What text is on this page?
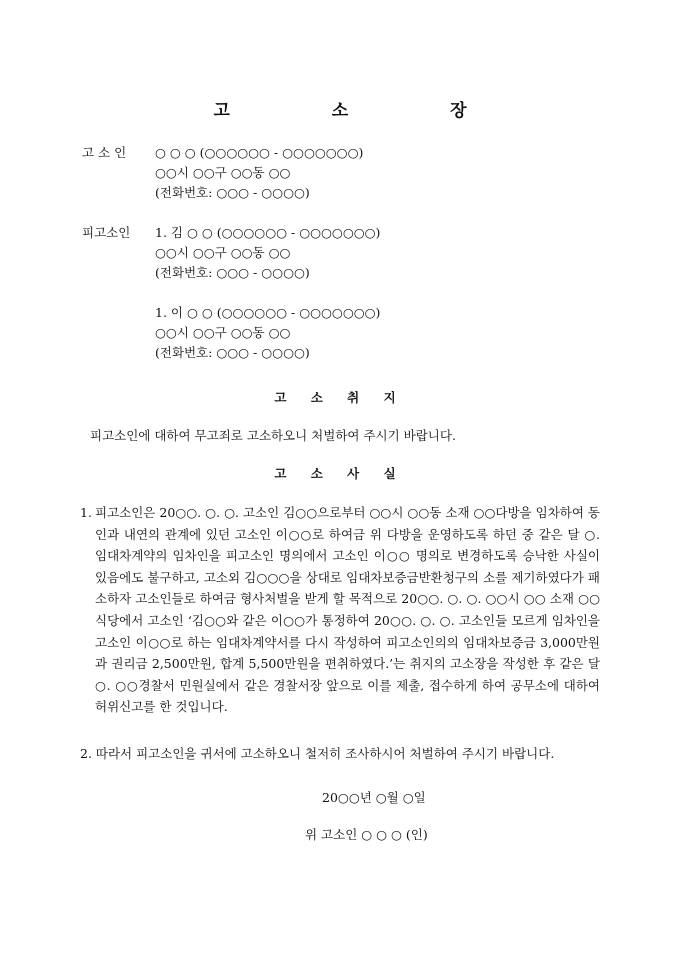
고 소 장
고 소 인	○ ○ ○ (○○○○○○ - ○○○○○○○)
○○시 ○○구 ○○동 ○○
(전화번호: ○○○ - ○○○○)
피고소인	1. 김 ○ ○ (○○○○○○ - ○○○○○○○)
○○시 ○○구 ○○동 ○○
(전화번호: ○○○ - ○○○○)
1. 이 ○ ○ (○○○○○○ - ○○○○○○○)
○○시 ○○구 ○○동 ○○
(전화번호: ○○○ - ○○○○)
고 소 취 지
피고소인에 대하여 무고죄로 고소하오니 처벌하여 주시기 바랍니다.
고 소 사 실
1. 피고소인은 20○○. ○. ○. 고소인 김○○으로부터 ○○시 ○○동 소재 ○○다방을 임차하여 동인과 내연의 관계에 있던 고소인 이○○로 하여금 위 다방을 운영하도록 하던 중 같은 달 ○. 임대차계약의 임차인을 피고소인 명의에서 고소인 이○○ 명의로 변경하도록 승낙한 사실이 있음에도 불구하고, 고소외 김○○○을 상대로 임대차보증금반환청구의 소를 제기하였다가 패소하자 고소인들로 하여금 형사처벌을 받게 할 목적으로 20○○. ○. ○. ○○시 ○○ 소재 ○○식당에서 고소인 ‘김○○와 같은 이○○가 통정하여 20○○. ○. ○. 고소인들 모르게 임차인을 고소인 이○○로 하는 임대차계약서를 다시 작성하여 피고소인의의 임대차보증금 3,000만원과 권리금 2,500만원, 합계 5,500만원을 편취하였다.’는 취지의 고소장을 작성한 후 같은 달 ○. ○○경찰서 민원실에서 같은 경찰서장 앞으로 이를 제출, 접수하게 하여 공무소에 대하여 허위신고를 한 것입니다.
2. 따라서 피고소인을 귀서에 고소하오니 철저히 조사하시어 처벌하여 주시기 바랍니다.
20○○년 ○월 ○일
위 고소인 ○ ○ ○ (인)
